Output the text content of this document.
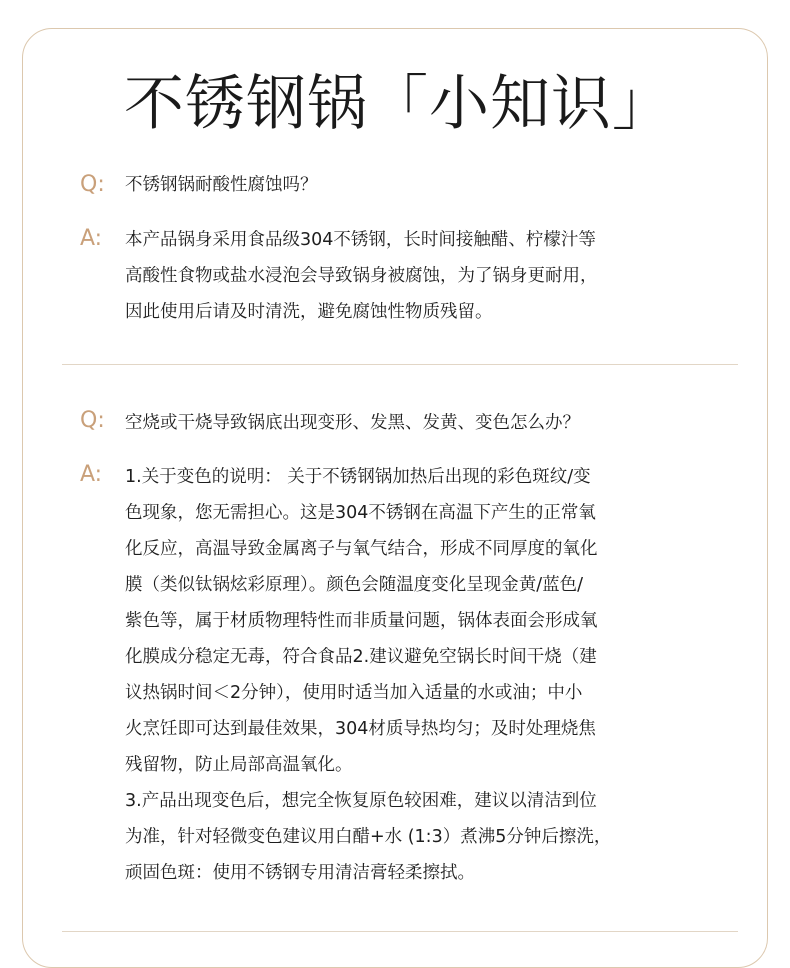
不锈钢锅「小知识」
Q: 不锈钢锅耐酸性腐蚀吗？
A: 本产品锅身采用食品级304不锈钢，长时间接触醋、柠檬汁等
高酸性食物或盐水浸泡会导致锅身被腐蚀，为了锅身更耐用，
因此使用后请及时清洗，避免腐蚀性物质残留。
Q: 空烧或干烧导致锅底出现变形、发黑、发黄、变色怎么办？
A: 1.关于变色的说明： 关于不锈钢锅加热后出现的彩色斑纹/变
色现象，您无需担心。这是304不锈钢在高温下产生的正常氧
化反应，高温导致金属离子与氧气结合，形成不同厚度的氧化
膜（类似钛锅炫彩原理）。颜色会随温度变化呈现金黄/蓝色/
紫色等，属于材质物理特性而非质量问题，锅体表面会形成氧
化膜成分稳定无毒，符合食品2.建议避免空锅长时间干烧（建
议热锅时间＜2分钟），使用时适当加入适量的水或油；中小
火烹饪即可达到最佳效果，304材质导热均匀；及时处理烧焦
残留物，防止局部高温氧化。
3.产品出现变色后，想完全恢复原色较困难，建议以清洁到位
为准，针对轻微变色建议用白醋+水 (1:3）煮沸5分钟后擦洗，
顽固色斑：使用不锈钢专用清洁膏轻柔擦拭。
